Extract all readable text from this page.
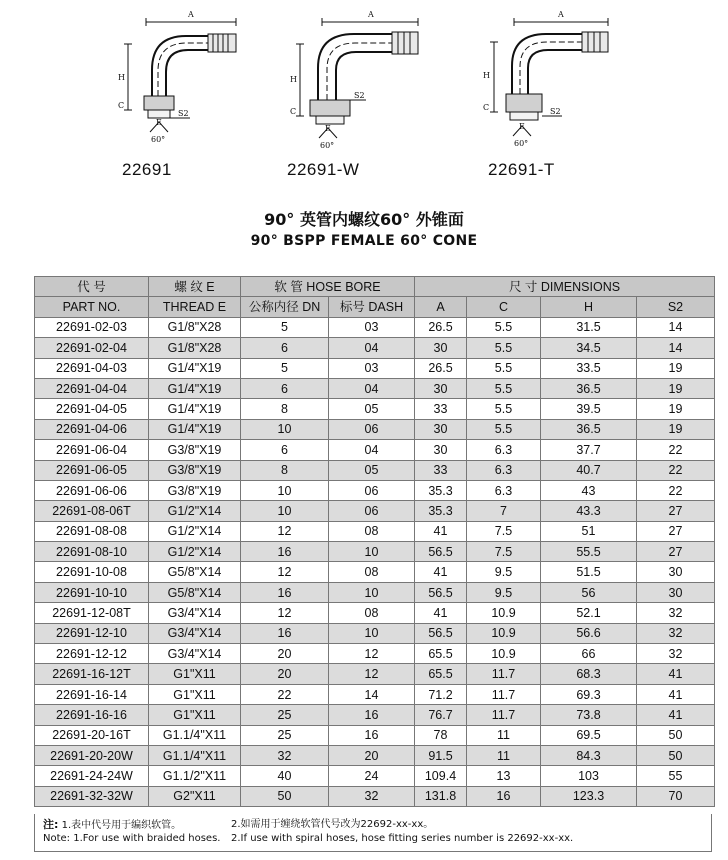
A
H
C
E
S2
60°
A
H
C
E
S2
60°
A
H
C
E
S2
60°
22691	22691-W	22691-T
90° 英管内螺纹60° 外锥面
90° BSPP FEMALE 60° CONE
代 号	螺 纹 E	软 管 HOSE BORE		尺 寸 DIMENSIONS			
PART NO.	THREAD E	公称内径 DN	标号 DASH	A	C	H	S2
22691-02-03	G1/8"X28	5	03	26.5	5.5	31.5	14
22691-02-04	G1/8"X28	6	04	30	5.5	34.5	14
22691-04-03	G1/4"X19	5	03	26.5	5.5	33.5	19
22691-04-04	G1/4"X19	6	04	30	5.5	36.5	19
22691-04-05	G1/4"X19	8	05	33	5.5	39.5	19
22691-04-06	G1/4"X19	10	06	30	5.5	36.5	19
22691-06-04	G3/8"X19	6	04	30	6.3	37.7	22
22691-06-05	G3/8"X19	8	05	33	6.3	40.7	22
22691-06-06	G3/8"X19	10	06	35.3	6.3	43	22
22691-08-06T	G1/2"X14	10	06	35.3	7	43.3	27
22691-08-08	G1/2"X14	12	08	41	7.5	51	27
22691-08-10	G1/2"X14	16	10	56.5	7.5	55.5	27
22691-10-08	G5/8"X14	12	08	41	9.5	51.5	30
22691-10-10	G5/8"X14	16	10	56.5	9.5	56	30
22691-12-08T	G3/4"X14	12	08	41	10.9	52.1	32
22691-12-10	G3/4"X14	16	10	56.5	10.9	56.6	32
22691-12-12	G3/4"X14	20	12	65.5	10.9	66	32
22691-16-12T	G1"X11	20	12	65.5	11.7	68.3	41
22691-16-14	G1"X11	22	14	71.2	11.7	69.3	41
22691-16-16	G1"X11	25	16	76.7	11.7	73.8	41
22691-20-16T	G1.1/4"X11	25	16	78	11	69.5	50
22691-20-20W	G1.1/4"X11	32	20	91.5	11	84.3	50
22691-24-24W	G1.1/2"X11	40	24	109.4	13	103	55
22691-32-32W	G2"X11	50	32	131.8	16	123.3	70
注: 1.表中代号用于编织软管。	2.如需用于缠绕软管代号改为22692-xx-xx。
Note: 1.For use with braided hoses.	2.If use with spiral hoses, hose fitting series number is 22692-xx-xx.
